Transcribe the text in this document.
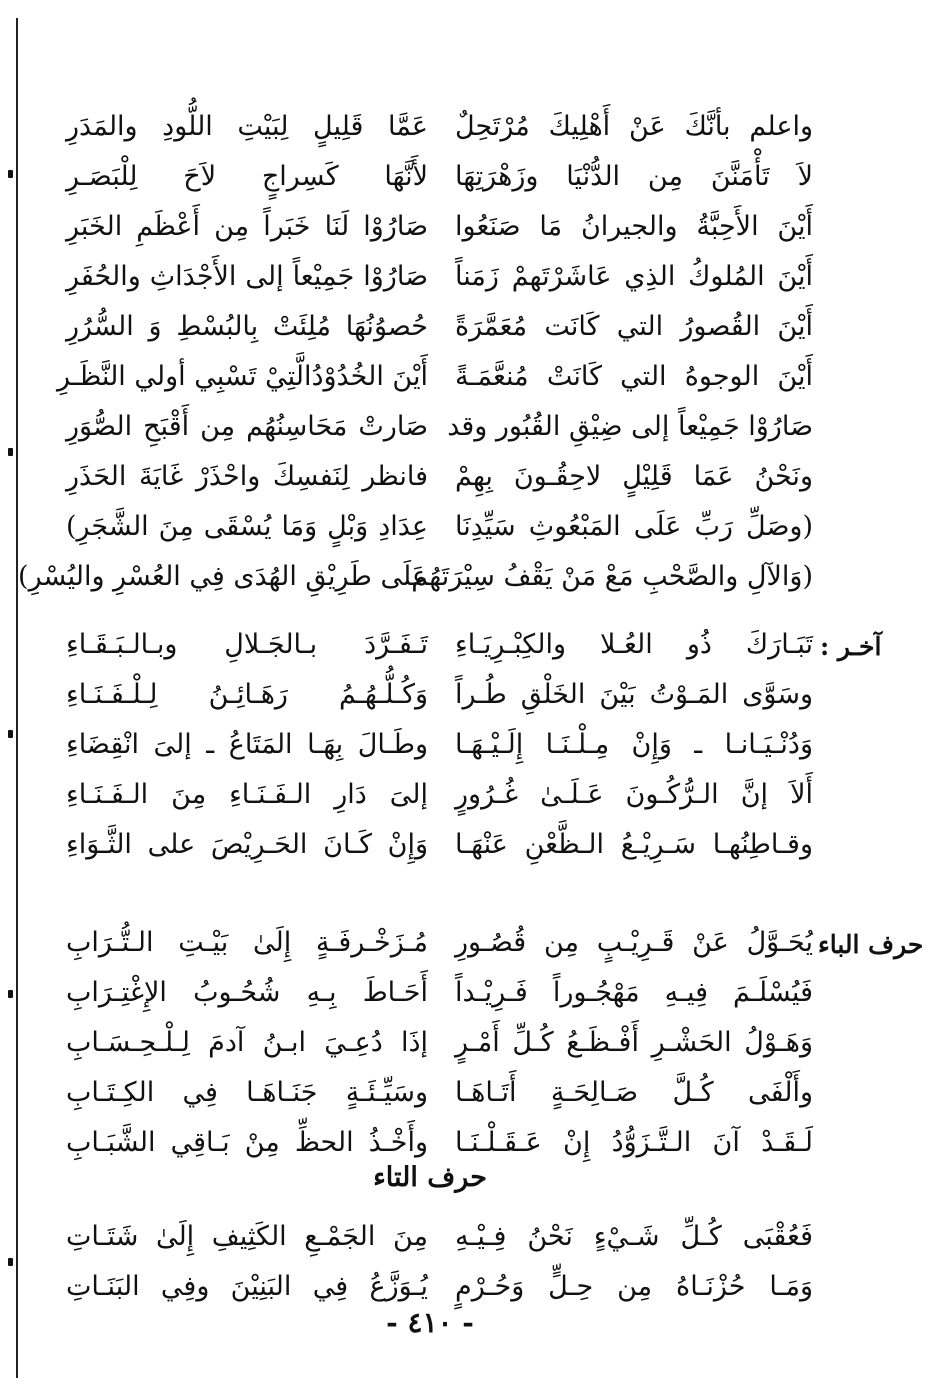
واعلم بأنَّكَ عَنْ أَهْلِيكَ مُرْتَحِلٌ
عَمَّا قَلِيلٍ لِبَيْتِ اللُّودِ والمَدَرِ
لاَ تَأْمَنَّنَ مِن الدُّنْيَا وزَهْرَتِهَا
لأَنَّهَا كَسِراجٍ لاَحَ لِلْبَصَـرِ
أَيْنَ الأَحِبَّةُ والجيرانُ مَا صَنَعُوا
صَارُوْا لَنَا خَبَراً مِن أَعْظَمِ الخَبَرِ
أَيْنَ المُلوكُ الذِي عَاشَرْتَهمْ زَمَناً
صَارُوْا جَمِيْعاً إلى الأَجْدَاثِ والحُفَرِ
أَيْنَ القُصورُ التي كَانَت مُعَمَّرَةً
حُصوُنُهَا مُلِئَتْ بِالبُسْطِ وَ السُّرُرِ
أَيْنَ الوجوهُ التي كَانَتْ مُنعَّمَـةً
أَيْنَ الخُدُوْدُالَّتِيْ تَسْبِي أولي النَّظَـرِ
صَارُوْا جَمِيْعاً إلى ضِيْقِ القُبُور وقد
صَارتْ مَحَاسِنُهُم مِن أَقْبَحِ الصُّوَرِ
ونَحْنُ عَمَا قَلِيْلٍ لاحِقُـونَ بِهِمْ
فانظر لِنَفسِكَ واحْذَرْ غَايَةَ الحَذَرِ
(وصَلِّ رَبِّ عَلَى المَبْعُوثِ سَيِّدِنَا
عِدَادِ وَبْلٍ وَمَا يُسْقَى مِنَ الشَّجَرِ)
(وَالآلِ والصَّحْبِ مَعْ مَنْ يَقْفُ سِيْرَتَهُم
عَلَى طَرِيْقِ الهُدَى فِي العُسْرِ واليُسْرِ)
آخـر :
تَبَـارَكَ ذُو العُـلا والكِبْـرِيَـاءِ
تَـفَـرَّدَ بـالجَـلالِ وبـالـبَـقَـاءِ
وسَوَّى المَـوْتُ بَيْنَ الخَلْقِ طُـراً
وَكُـلُّـهُـمُ رَهَـائِـنُ لِـلْـفَـنَـاءِ
وَدُنْـيَـانـا ـ وَإِنْ مِـلْـنَـا إِلَـيْـهَـا
وطَـالَ بِهَـا المَتَاعُ ـ إلىَ انْقِضَاءِ
أَلاَ إنَّ الـرُّكُـونَ عَـلَـىٰ غُـرُورٍ
إلىَ دَارِ الـفَـنَـاءِ مِنَ الـفَـنَـاءِ
وقـاطِنُهـا سَـرِيْـعُ الـظَّعْنِ عَنْهَـا
وَإِنْ كَـانَ الحَـرِيْصَ على الثَّـوَاءِ
حرف الباء
يُحَـوَّلُ عَنْ قَـرِيْـبٍ مِن قُصُـورِ
مُـزَخْـرفَـةٍ إِلَىٰ بَيْـتِ الـتُّـرَابِ
فَيُسْلَـمَ فِيـهِ مَهْجُـوراً فَـرِيْـداً
أَحَـاطَ بِـهِ شُحُـوبُ الإِغْتِـرَابِ
وَهَـوْلُ الحَشْـرِ أَفْـظَـعُ كُـلِّ أَمْـرٍ
إذَا دُعِـيَ ابـنُ آدمَ لِـلْـحِـسَـابِ
وأَلْفَى كُـلَّ صَـالِحَـةٍ أَتَـاهَـا
وسَيِّـئَـةٍ جَنَـاهَـا فِي الكِـتَـابِ
لَـقَـدْ آنَ الـتَّـزَوُّدُ إِنْ عَـقَـلْـنَـا
وأَخْـذُ الحظِّ مِنْ بَـاقِي الشَّبَـابِ
حرف التاء
فَعُقْبَى كُـلِّ شَـيْءٍ نَحْنُ فِـيْـهِ
مِنَ الجَمْـعِ الكَثِيفِ إِلَىٰ شَتَـاتِ
وَمَـا حُزْنَـاهُ مِن حِـلٍّ وَحُـرْمٍ
يُـوَزَّعُ فِي البَنِيْنَ وفِي البَنَـاتِ
- ٤١٠ -
